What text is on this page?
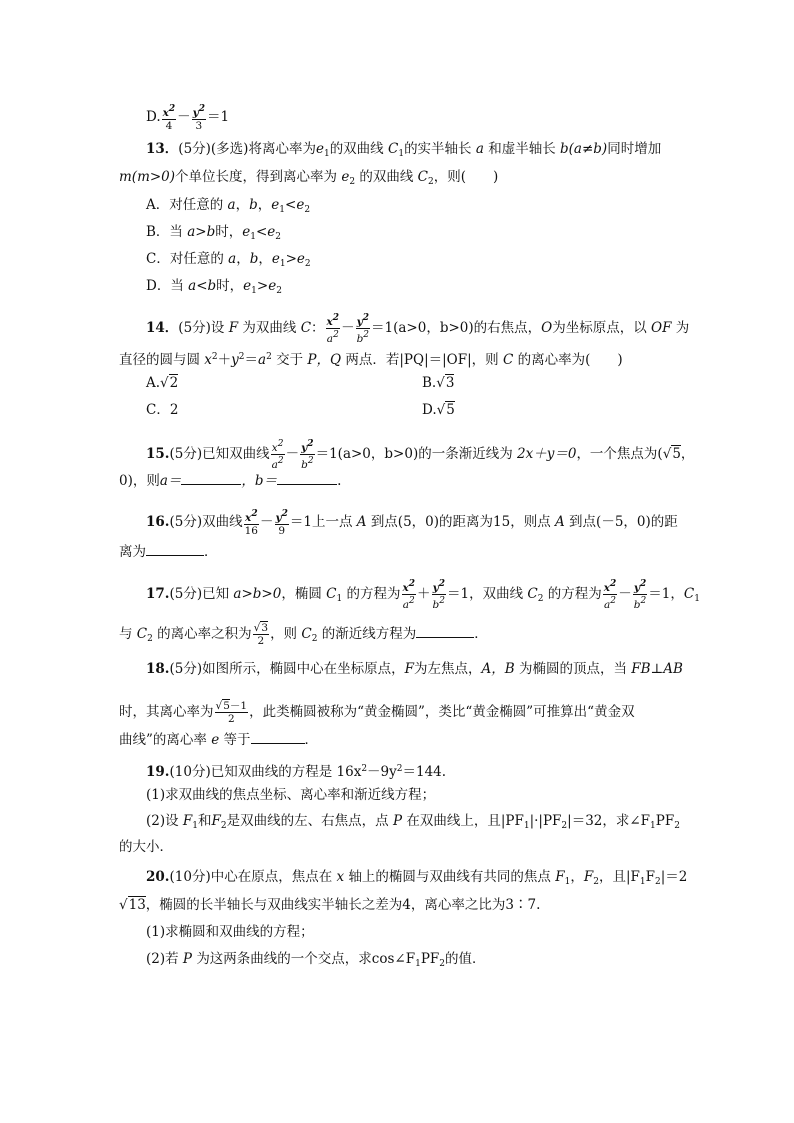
D. $\frac{x2}{4} - \frac{y2}{3} =1$
13．(5分)(多选)将离心率为$e_1$的双曲线 $C_1$的实半轴长 a 和虚半轴长 b(a≠b)同时增加
m(m>0)个单位长度，得到离心率为 $e_2$ 的双曲线 $C_2$，则(　　)
A．对任意的 a，b，$e_1<e_2$
B．当 a>b时，$e_1<e_2$
C．对任意的 a，b，$e_1>e_2$
D．当 a<b时，$e_1>e_2$
14．(5分)设 F 为双曲线 C： $\frac{x2}{a2} - \frac{y2}{b2} =1(a>0$，b>0)的右焦点，O为坐标原点，以 OF 为
直径的圆与圆 $x^2+y^2=a^2$ 交于 P，Q 两点．若|PQ|＝|OF|，则 C 的离心率为(　　)
A.√2	B.√3
C．2	D.√5
15.(5分)已知双曲线 $\frac{x2}{a2} - \frac{y2}{b2} =1(a>0$，b>0)的一条渐近线为 2x＋y＝0，一个焦点为(√5，
0)，则a＝	，b＝	.
16.(5分)双曲线 $\frac{x2}{16} - \frac{y2}{9} =1$上一点 A 到点(5，0)的距离为15，则点 A 到点(－5，0)的距
离为	．
17.(5分)已知 a>b>0，椭圆 $C_1$ 的方程为 $\frac{x2}{a2} + \frac{y2}{b2} =1$，双曲线 $C_2$ 的方程为 $\frac{x2}{a2} - \frac{y2}{b2} =1$，$C_1$
与 $C_2$ 的离心率之积为 $\frac{√3}{2}$ ，则 $C_2$ 的渐近线方程为	．
18.(5分)如图所示，椭圆中心在坐标原点，F为左焦点，A，B 为椭圆的顶点，当 FB⊥AB
时，其离心率为 $\frac{√5-1}{2}$ ，此类椭圆被称为“黄金椭圆”，类比“黄金椭圆”可推算出“黄金双
曲线”的离心率 e 等于	．
19.(10分)已知双曲线的方程是 $16x^2-9y^2=144$.
(1)求双曲线的焦点坐标、离心率和渐近线方程；
(2)设 $F_1$和$F_2$是双曲线的左、右焦点，点 P 在双曲线上，且$|PF_1|\cdot|PF_2|=32$，求$\angle F_1PF_2$
的大小．
20.(10分)中心在原点，焦点在 x 轴上的椭圆与双曲线有共同的焦点 $F_1$，$F_2$，且$|F_1F_2|=2$
√13，椭圆的长半轴长与双曲线实半轴长之差为4，离心率之比为3∶7.
(1)求椭圆和双曲线的方程；
(2)若 P 为这两条曲线的一个交点，求$\cos\angle F_1PF_2$的值．
